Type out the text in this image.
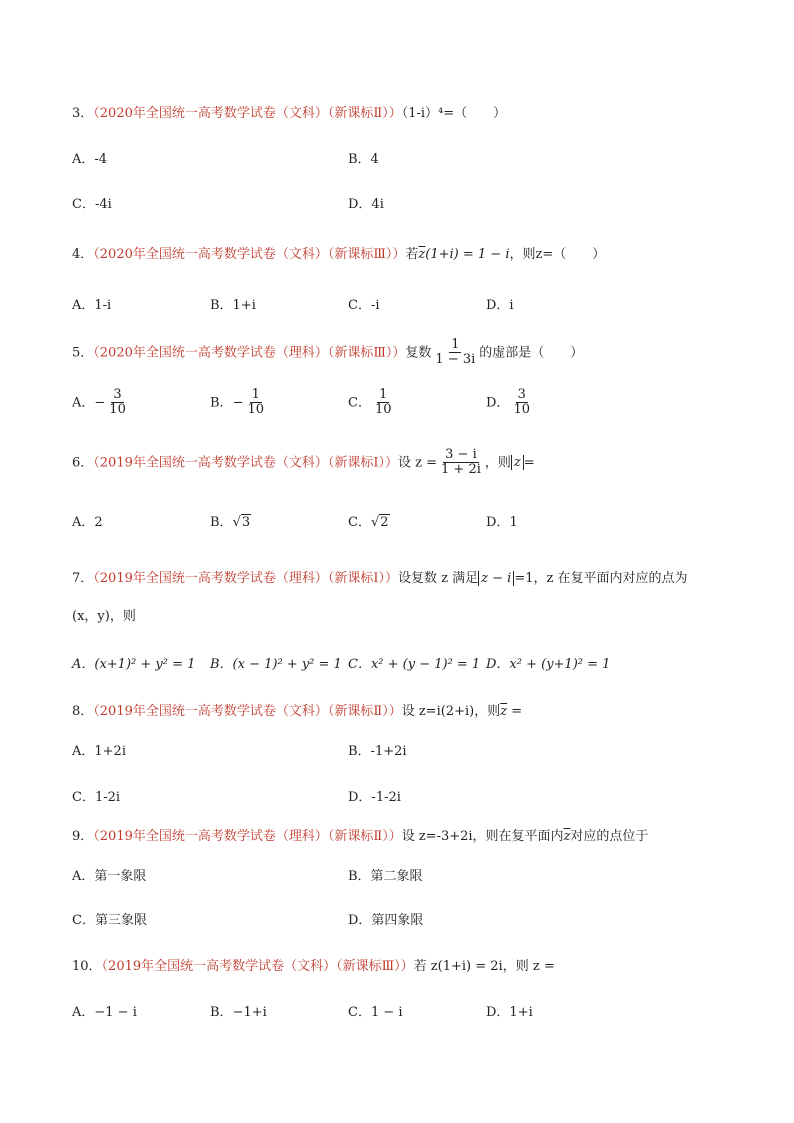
3．（2020年全国统一高考数学试卷（文科）（新课标Ⅱ））（1-i）⁴=（　　）
A．-4	B．4
C．-4i	D．4i
4．（2020年全国统一高考数学试卷（文科）（新课标Ⅲ））若$\overline{z}(1+i) = 1 - i$，则z=（　　）
A．1-i	B．1+i	C．-i	D．i
5．（2020年全国统一高考数学试卷（理科）（新课标Ⅲ））复数 $\frac{1}{1 - 3i}$ 的虚部是（　　）
A．− $\frac{3}{10}$	B．− $\frac{1}{10}$	C． $\frac{1}{10}$	D． $\frac{3}{10}$
6．（2019年全国统一高考数学试卷（文科）（新课标Ⅰ））设 $z = \frac{3 - i}{1 + 2i}$ ，则 z =
A．2	B．√3	C．√2	D．1
7．（2019年全国统一高考数学试卷（理科）（新课标Ⅰ））设复数 z 满足 z − i =1，z 在复平面内对应的点为
(x，y)，则
A．(x+1)² + y² = 1 B．(x − 1)² + y² = 1 C．x² + (y − 1)² = 1 D．x² + (y+1)² = 1
8．（2019年全国统一高考数学试卷（文科）（新课标Ⅱ））设 z=i(2+i)，则$\overline{z}$ =
A．1+2i	B．-1+2i
C．1-2i	D．-1-2i
9．（2019年全国统一高考数学试卷（理科）（新课标Ⅱ））设 z=-3+2i，则在复平面内$\overline{z}$对应的点位于
A．第一象限	B．第二象限
C．第三象限	D．第四象限
10．（2019年全国统一高考数学试卷（文科）（新课标Ⅲ））若 z(1+i) = 2i，则 z =
A．−1 − i	B．−1+i	C．1 − i	D．1+i
